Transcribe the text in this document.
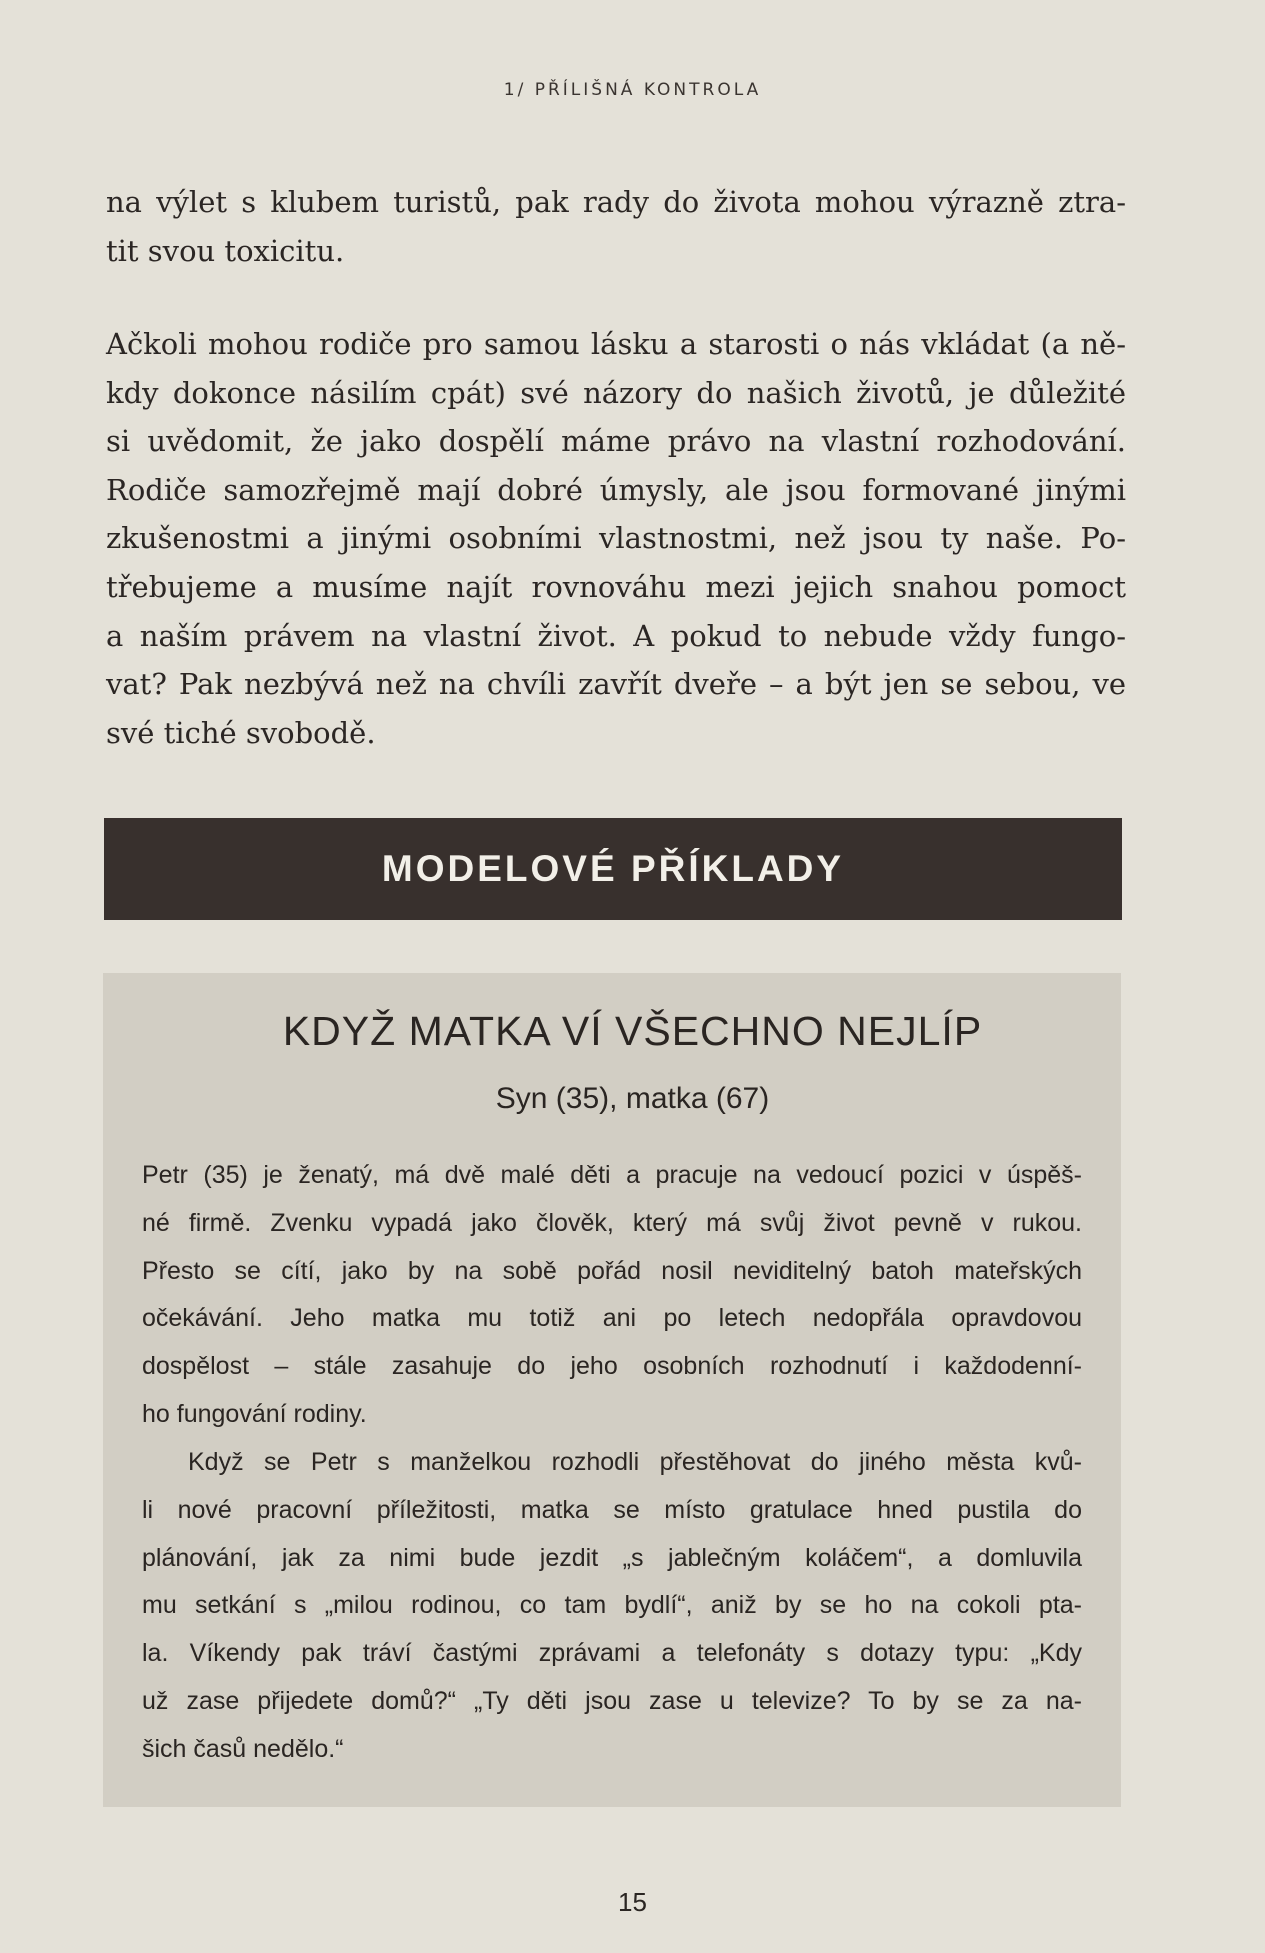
1/ PŘÍLIŠNÁ KONTROLA
na výlet s klubem turistů, pak rady do života mohou výrazně ztra-
tit svou toxicitu.
Ačkoli mohou rodiče pro samou lásku a starosti o nás vkládat (a ně-
kdy dokonce násilím cpát) své názory do našich životů, je důležité
si uvědomit, že jako dospělí máme právo na vlastní rozhodování.
Rodiče samozřejmě mají dobré úmysly, ale jsou formované jinými
zkušenostmi a jinými osobními vlastnostmi, než jsou ty naše. Po-
třebujeme a musíme najít rovnováhu mezi jejich snahou pomoct
a naším právem na vlastní život. A pokud to nebude vždy fungo-
vat? Pak nezbývá než na chvíli zavřít dveře – a být jen se sebou, ve
své tiché svobodě.
MODELOVÉ PŘÍKLADY
KDYŽ MATKA VÍ VŠECHNO NEJLÍP
Syn (35), matka (67)
Petr (35) je ženatý, má dvě malé děti a pracuje na vedoucí pozici v úspěš-
né firmě. Zvenku vypadá jako člověk, který má svůj život pevně v rukou.
Přesto se cítí, jako by na sobě pořád nosil neviditelný batoh mateřských
očekávání. Jeho matka mu totiž ani po letech nedopřála opravdovou
dospělost – stále zasahuje do jeho osobních rozhodnutí i každodenní-
ho fungování rodiny.
Když se Petr s manželkou rozhodli přestěhovat do jiného města kvů-
li nové pracovní příležitosti, matka se místo gratulace hned pustila do
plánování, jak za nimi bude jezdit „s jablečným koláčem“, a domluvila
mu setkání s „milou rodinou, co tam bydlí“, aniž by se ho na cokoli pta-
la. Víkendy pak tráví častými zprávami a telefonáty s dotazy typu: „Kdy
už zase přijedete domů?“ „Ty děti jsou zase u televize? To by se za na-
šich časů nedělo.“
15
